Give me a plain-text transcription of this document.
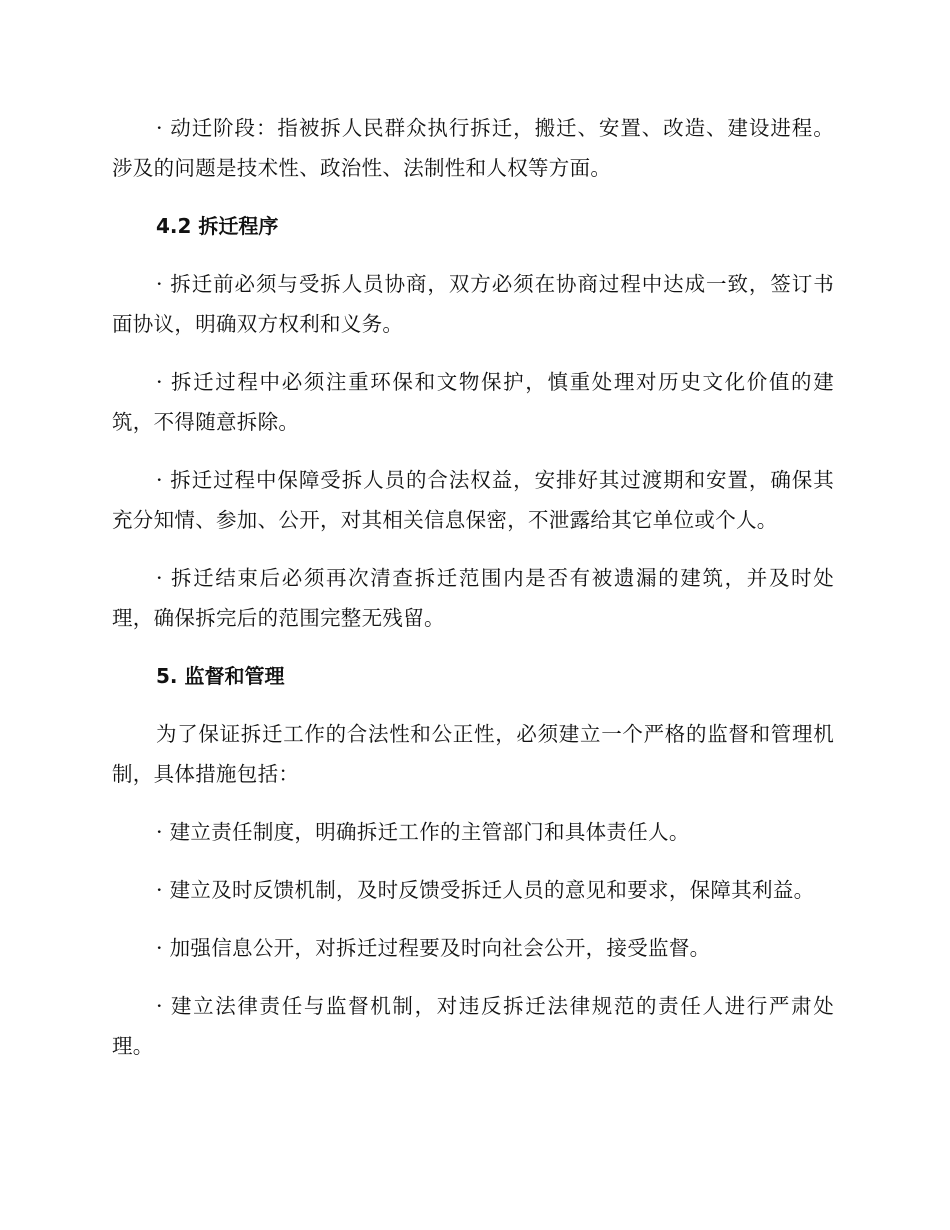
· 动迁阶段：指被拆人民群众执行拆迁，搬迁、安置、改造、建设进程。涉及的问题是技术性、政治性、法制性和人权等方面。

4.2 拆迁程序

· 拆迁前必须与受拆人员协商，双方必须在协商过程中达成一致，签订书面协议，明确双方权利和义务。

· 拆迁过程中必须注重环保和文物保护，慎重处理对历史文化价值的建筑，不得随意拆除。

· 拆迁过程中保障受拆人员的合法权益，安排好其过渡期和安置，确保其充分知情、参加、公开，对其相关信息保密，不泄露给其它单位或个人。

· 拆迁结束后必须再次清查拆迁范围内是否有被遗漏的建筑，并及时处理，确保拆完后的范围完整无残留。

5. 监督和管理

为了保证拆迁工作的合法性和公正性，必须建立一个严格的监督和管理机制，具体措施包括：

· 建立责任制度，明确拆迁工作的主管部门和具体责任人。

· 建立及时反馈机制，及时反馈受拆迁人员的意见和要求，保障其利益。

· 加强信息公开，对拆迁过程要及时向社会公开，接受监督。

· 建立法律责任与监督机制，对违反拆迁法律规范的责任人进行严肃处理。
